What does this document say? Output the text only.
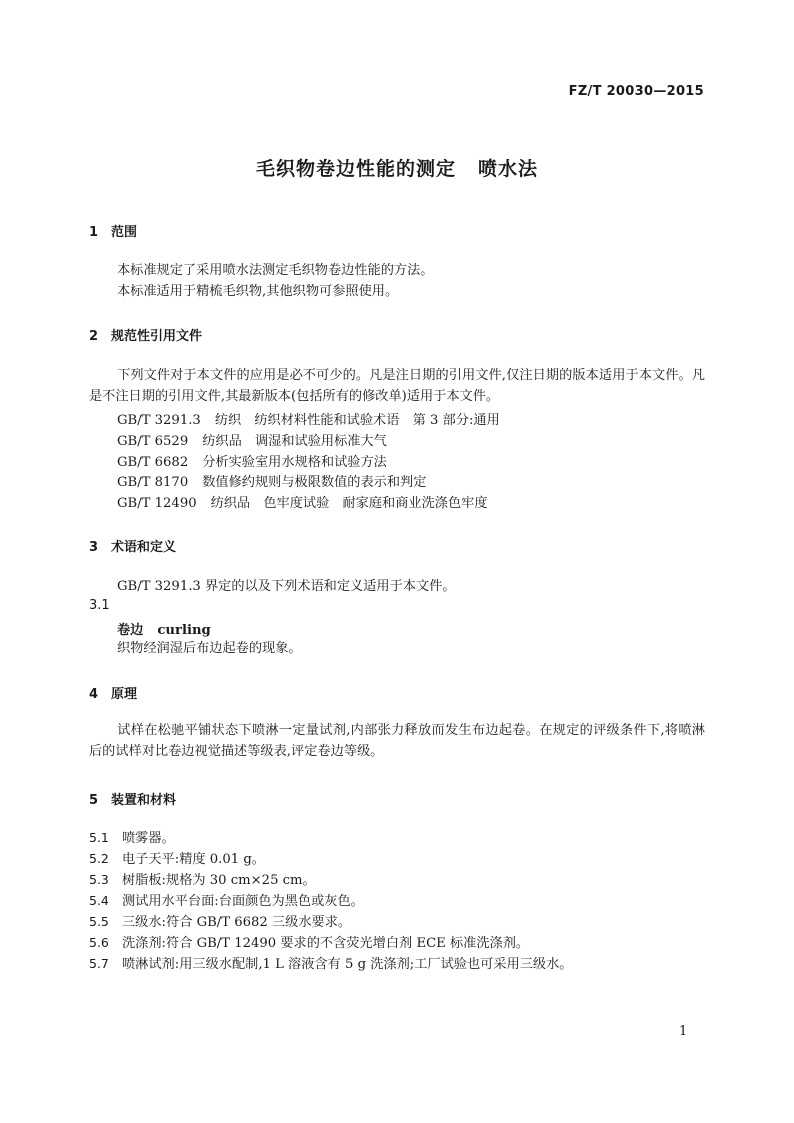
FZ/T 20030—2015
毛织物卷边性能的测定 喷水法
1 范围
本标准规定了采用喷水法测定毛织物卷边性能的方法。
本标准适用于精梳毛织物,其他织物可参照使用。
2 规范性引用文件
下列文件对于本文件的应用是必不可少的。凡是注日期的引用文件,仅注日期的版本适用于本文件。凡是不注日期的引用文件,其最新版本(包括所有的修改单)适用于本文件。
GB/T 3291.3 纺织　纺织材料性能和试验术语　第 3 部分:通用
GB/T 6529 纺织品　调湿和试验用标准大气
GB/T 6682 分析实验室用水规格和试验方法
GB/T 8170 数值修约规则与极限数值的表示和判定
GB/T 12490 纺织品　色牢度试验　耐家庭和商业洗涤色牢度
3 术语和定义
GB/T 3291.3 界定的以及下列术语和定义适用于本文件。
3.1
卷边 curling
织物经润湿后布边起卷的现象。
4 原理
试样在松驰平铺状态下喷淋一定量试剂,内部张力释放而发生布边起卷。在规定的评级条件下,将喷淋后的试样对比卷边视觉描述等级表,评定卷边等级。
5 装置和材料
5.1 喷雾器。
5.2 电子天平:精度 0.01 g。
5.3 树脂板:规格为 30 cm×25 cm。
5.4 测试用水平台面:台面颜色为黑色或灰色。
5.5 三级水:符合 GB/T 6682 三级水要求。
5.6 洗涤剂:符合 GB/T 12490 要求的不含荧光增白剂 ECE 标准洗涤剂。
5.7 喷淋试剂:用三级水配制,1 L 溶液含有 5 g 洗涤剂;工厂试验也可采用三级水。
1
